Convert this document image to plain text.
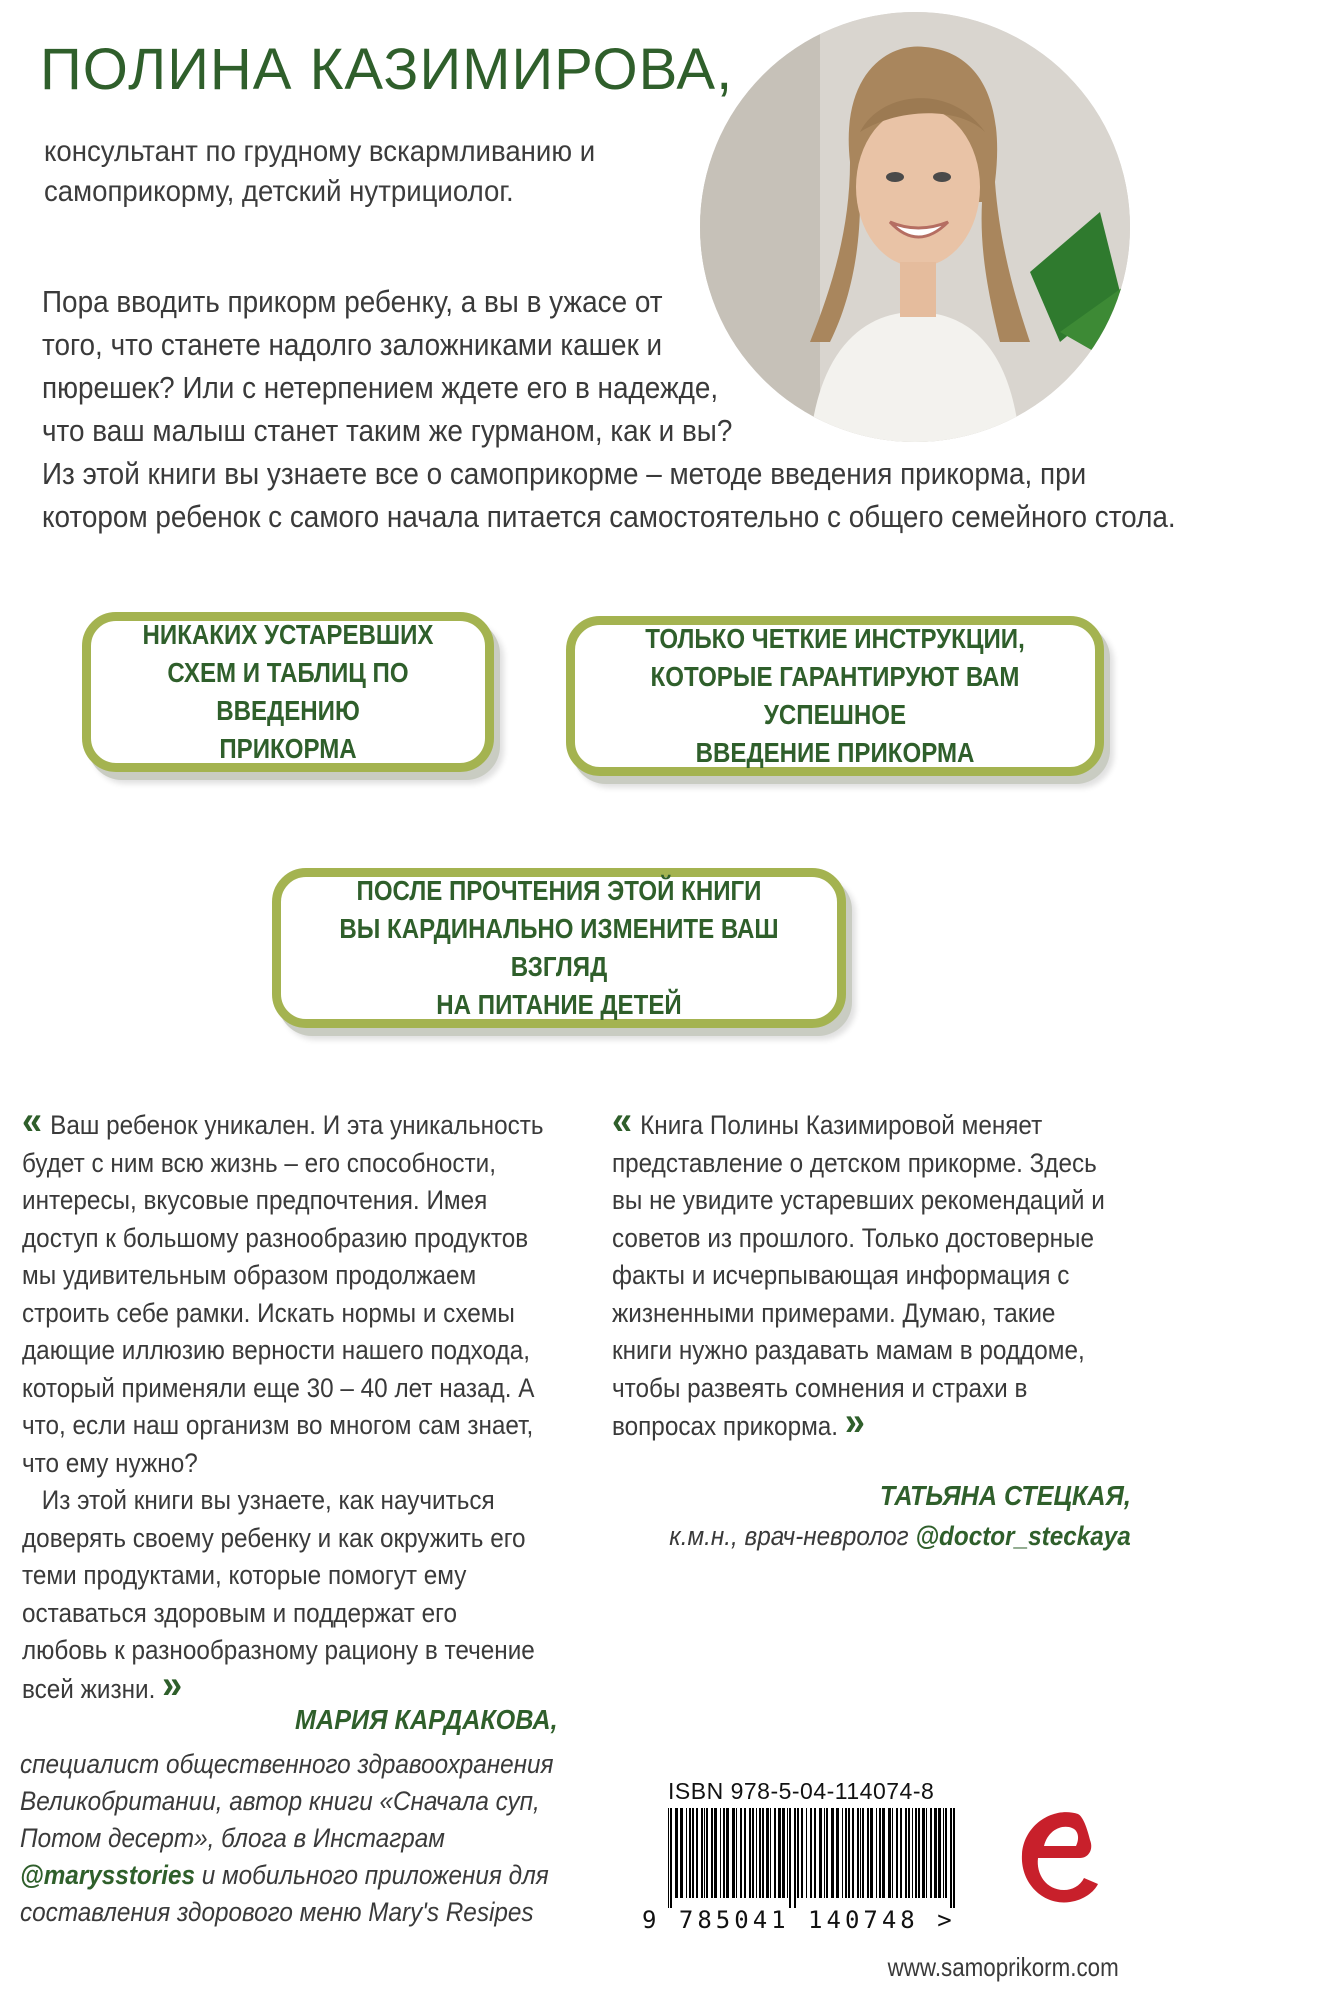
ПОЛИНА КАЗИМИРОВА,
консультант по грудному вскармливанию и
самоприкорму, детский нутрициолог.
Пора вводить прикорм ребенку, а вы в ужасе от
того, что станете надолго заложниками кашек и
пюрешек? Или с нетерпением ждете его в надежде,
что ваш малыш станет таким же гурманом, как и вы?
Из этой книги вы узнаете все о самоприкорме – методе введения прикорма, при
котором ребенок с самого начала питается самостоятельно с общего семейного стола.
НИКАКИХ УСТАРЕВШИХ
СХЕМ И ТАБЛИЦ ПО ВВЕДЕНИЮ
ПРИКОРМА
ТОЛЬКО ЧЕТКИЕ ИНСТРУКЦИИ,
КОТОРЫЕ ГАРАНТИРУЮТ ВАМ УСПЕШНОЕ
ВВЕДЕНИЕ ПРИКОРМА
ПОСЛЕ ПРОЧТЕНИЯ ЭТОЙ КНИГИ
ВЫ КАРДИНАЛЬНО ИЗМЕНИТЕ ВАШ ВЗГЛЯД
НА ПИТАНИЕ ДЕТЕЙ
« Ваш ребенок уникален. И эта уникальность
будет с ним всю жизнь – его способности,
интересы, вкусовые предпочтения. Имея
доступ к большому разнообразию продуктов
мы удивительным образом продолжаем
строить себе рамки. Искать нормы и схемы
дающие иллюзию верности нашего подхода,
который применяли еще 30 – 40 лет назад. А
что, если наш организм во многом сам знает,
что ему нужно?
Из этой книги вы узнаете, как научиться
доверять своему ребенку и как окружить его
теми продуктами, которые помогут ему
оставаться здоровым и поддержат его
любовь к разнообразному рациону в течение
всей жизни. »
МАРИЯ КАРДАКОВА,
специалист общественного здравоохранения
Великобритании, автор книги «Сначала суп,
Потом десерт», блога в Инстаграм
@marysstories и мобильного приложения для
составления здорового меню Mary's Resipes
« Книга Полины Казимировой меняет
представление о детском прикорме. Здесь
вы не увидите устаревших рекомендаций и
советов из прошлого. Только достоверные
факты и исчерпывающая информация с
жизненными примерами. Думаю, такие
книги нужно раздавать мамам в роддоме,
чтобы развеять сомнения и страхи в
вопросах прикорма. »
ТАТЬЯНА СТЕЦКАЯ,
к.м.н., врач-невролог @doctor_steckaya
ISBN 978-5-04-114074-8
9 785041 140748 >
www.samoprikorm.com
